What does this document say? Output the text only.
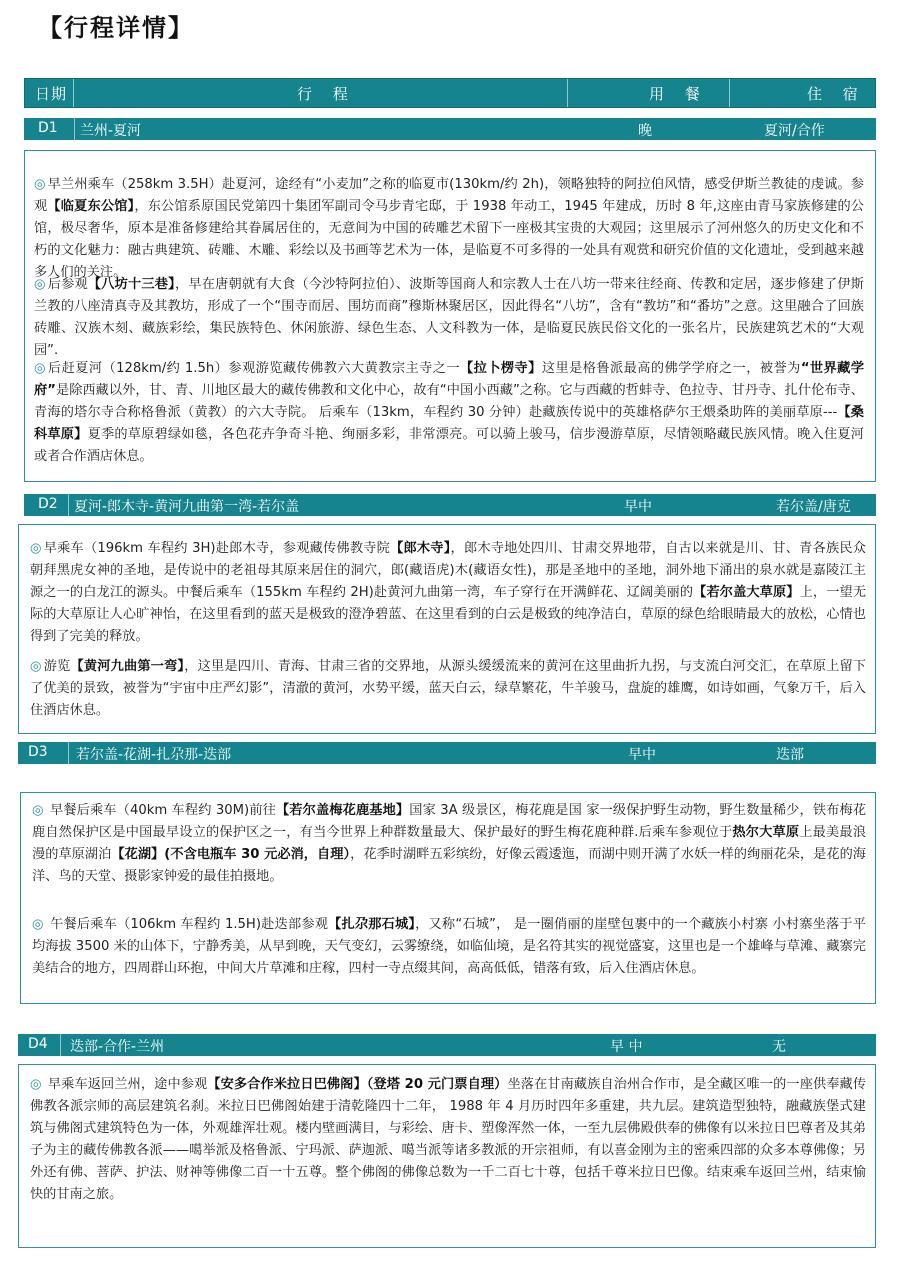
【行程详情】
日期	行 程	用 餐	住 宿
D1 兰州-夏河	晚	夏河/合作
◎ 早兰州乘车（258km 3.5H）赴夏河，途经有“小麦加”之称的临夏市(130km/约 2h)，领略独特的阿拉伯风情，感受伊斯兰教徒的虔诚。参观【临夏东公馆】，东公馆系原国民党第四十集团军副司令马步青宅邸，于 1938 年动工，1945 年建成，历时 8 年,这座由青马家族修建的公馆，极尽奢华，原本是准备修建给其眷属居住的，无意间为中国的砖雕艺术留下一座极其宝贵的大观园；这里展示了河州悠久的历史文化和不朽的文化魅力：融古典建筑、砖雕、木雕、彩绘以及书画等艺术为一体，是临夏不可多得的一处具有观赏和研究价值的文化遗址，受到越来越多人们的关注。
◎ 后参观【八坊十三巷】，早在唐朝就有大食（今沙特阿拉伯）、波斯等国商人和宗教人士在八坊一带来往经商、传教和定居，逐步修建了伊斯兰教的八座清真寺及其教坊，形成了一个“围寺而居、围坊而商”穆斯林聚居区，因此得名“八坊”，含有“教坊”和“番坊”之意。这里融合了回族砖雕、汉族木刻、藏族彩绘，集民族特色、休闲旅游、绿色生态、人文科教为一体，是临夏民族民俗文化的一张名片，民族建筑艺术的“大观园”.
◎ 后赶夏河（128km/约 1.5h）参观游览藏传佛教六大黄教宗主寺之一【拉卜楞寺】这里是格鲁派最高的佛学学府之一，被誉为“世界藏学府”是除西藏以外，甘、青、川地区最大的藏传佛教和文化中心，故有“中国小西藏”之称。它与西藏的哲蚌寺、色拉寺、甘丹寺、扎什伦布寺、青海的塔尔寺合称格鲁派（黄教）的六大寺院。 后乘车（13km，车程约 30 分钟）赴藏族传说中的英雄格萨尔王煨桑助阵的美丽草原---【桑科草原】夏季的草原碧绿如毯，各色花卉争奇斗艳、绚丽多彩，非常漂亮。可以骑上骏马，信步漫游草原，尽情领略藏民族风情。晚入住夏河或者合作酒店休息。
D2 夏河-郎木寺-黄河九曲第一湾-若尔盖	早中	若尔盖/唐克
◎ 早乘车（196km 车程约 3H)赴郎木寺，参观藏传佛教寺院【郎木寺】，郎木寺地处四川、甘肃交界地带，自古以来就是川、甘、青各族民众朝拜黑虎女神的圣地，是传说中的老祖母其原来居住的洞穴，郎(藏语虎)木(藏语女性)，那是圣地中的圣地，洞外地下涌出的泉水就是嘉陵江主源之一的白龙江的源头。中餐后乘车（155km 车程约 2H)赴黄河九曲第一湾，车子穿行在开满鲜花、辽阔美丽的【若尔盖大草原】上，一望无际的大草原让人心旷神怡，在这里看到的蓝天是极致的澄净碧蓝、在这里看到的白云是极致的纯净洁白，草原的绿色给眼睛最大的放松，心情也得到了完美的释放。
◎ 游览【黄河九曲第一弯】，这里是四川、青海、甘肃三省的交界地，从源头缓缓流来的黄河在这里曲折九拐，与支流白河交汇，在草原上留下了优美的景致，被誉为“宇宙中庄严幻影”，清澈的黄河，水势平缓，蓝天白云，绿草繁花，牛羊骏马，盘旋的雄鹰，如诗如画，气象万千，后入住酒店休息。
D3 若尔盖-花湖-扎尕那-迭部	早中	迭部
◎ 早餐后乘车（40km 车程约 30M)前往【若尔盖梅花鹿基地】国家 3A 级景区，梅花鹿是国 家一级保护野生动物，野生数量稀少，铁布梅花鹿自然保护区是中国最早设立的保护区之一，有当今世界上种群数量最大、保护最好的野生梅花鹿种群.后乘车参观位于热尔大草原上最美最浪漫的草原湖泊【花湖】(不含电瓶车 30 元必消，自理），花季时湖畔五彩缤纷，好像云霞逶迤，而湖中则开满了水妖一样的绚丽花朵，是花的海洋、鸟的天堂、摄影家钟爱的最佳拍摄地。
◎ 午餐后乘车（106km 车程约 1.5H)赴迭部参观【扎尕那石城】，又称“石城”， 是一圈俏丽的崖壁包裹中的一个藏族小村寨 小村寨坐落于平均海拔 3500 米的山体下，宁静秀美，从早到晚，天气变幻，云雾缭绕，如临仙境，是名符其实的视觉盛宴，这里也是一个雄峰与草滩、藏寨完美结合的地方，四周群山环抱，中间大片草滩和庄稼，四村一寺点缀其间，高高低低，错落有致，后入住酒店休息。
D4 迭部-合作-兰州	早 中	无
◎ 早乘车返回兰州，途中参观【安多合作米拉日巴佛阁】（登塔 20 元门票自理）坐落在甘南藏族自治州合作市，是全藏区唯一的一座供奉藏传佛教各派宗师的高层建筑名刹。米拉日巴佛阁始建于清乾隆四十二年， 1988 年 4 月历时四年多重建，共九层。建筑造型独特，融藏族堡式建筑与佛阁式建筑特色为一体，外观雄浑壮观。楼内壁画满目，与彩绘、唐卡、塑像浑然一体，一至九层佛殿供奉的佛像有以米拉日巴尊者及其弟子为主的藏传佛教各派——噶举派及格鲁派、宁玛派、萨迦派、噶当派等诸多教派的开宗祖师，有以喜金刚为主的密乘四部的众多本尊佛像；另外还有佛、菩萨、护法、财神等佛像二百一十五尊。整个佛阁的佛像总数为一千二百七十尊，包括千尊米拉日巴像。结束乘车返回兰州，结束愉快的甘南之旅。
